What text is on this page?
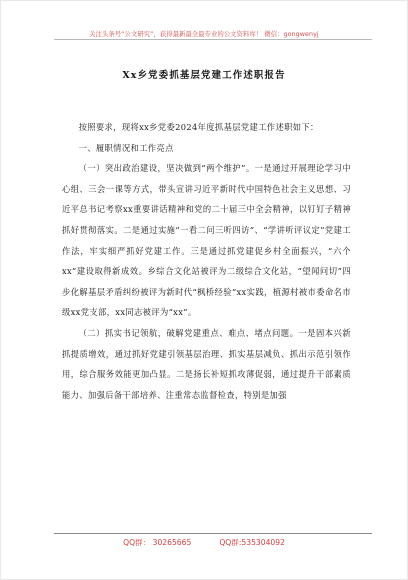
关注头条号“公文研究”，获得最新最全最专业的公文资料库！ 微信：gongwenyj
Xx乡党委抓基层党建工作述职报告

按照要求，现将xx乡党委2024年度抓基层党建工作述职如下：

一、履职情况和工作亮点

（一）突出政治建设，坚决做到“两个维护”。一是通过开展理论学习中心组、三会一课等方式，带头宣讲习近平新时代中国特色社会主义思想、习近平总书记考察xx重要讲话精神和党的二十届三中全会精神，以钉钉子精神抓好贯彻落实。二是通过实施“一看二问三听四访”、“学讲听评议定”党建工作法，牢实细严抓好党建工作。三是通过抓党建促乡村全面振兴，“六个xx”建设取得新成效。乡综合文化站被评为二级综合文化站，“望闻问切”四步化解基层矛盾纠纷被评为新时代“枫桥经验”xx实践，植源村被市委命名市级xx党支部，xx同志被评为“xx”。

（二）抓实书记领航，破解党建重点、难点、堵点问题。一是固本兴新抓提质增效，通过抓好党建引领基层治理、抓实基层减负、抓出示范引领作用，综合服务效能更加凸显。二是扬长补短抓攻薄促弱，通过提升干部素质能力、加强后备干部培养、注重常态监督检查，特别是加强

QQ群： 30265665	QQ群:535304092
